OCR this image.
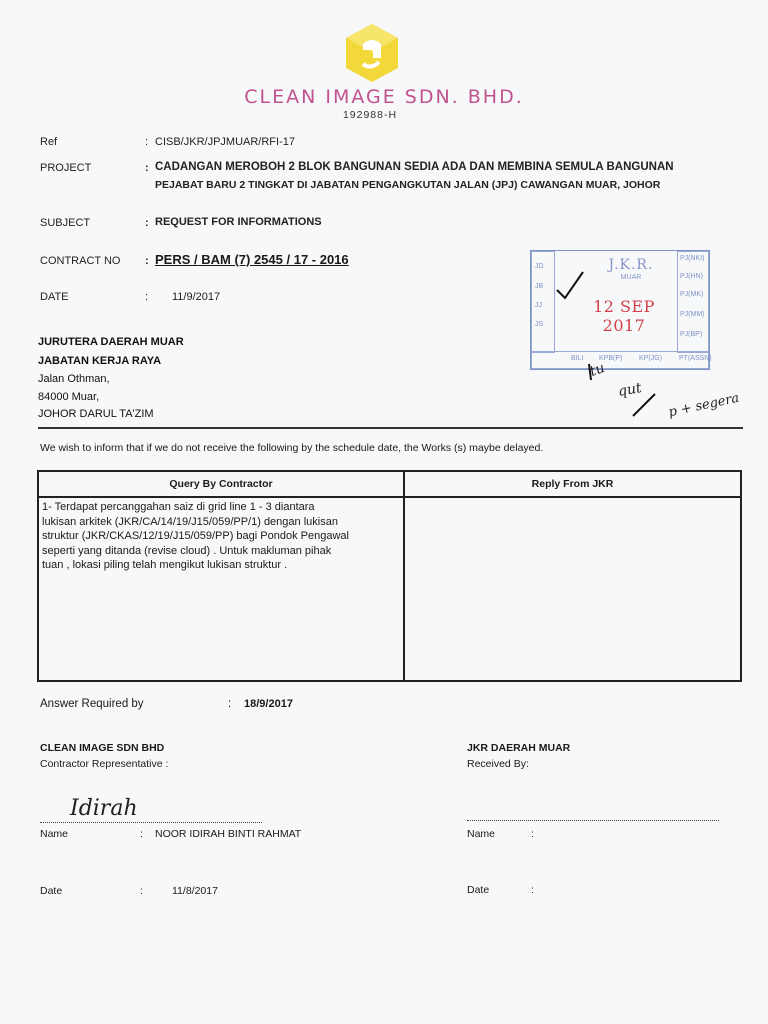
CLEAN IMAGE SDN. BHD.
192988-H
Ref	: CISB/JKR/JPJMUAR/RFI-17
PROJECT	: CADANGAN MEROBOH 2 BLOK BANGUNAN SEDIA ADA DAN MEMBINA SEMULA BANGUNAN
PEJABAT BARU 2 TINGKAT DI JABATAN PENGANGKUTAN JALAN (JPJ) CAWANGAN MUAR, JOHOR
SUBJECT	: REQUEST FOR INFORMATIONS
CONTRACT NO : PERS / BAM (7) 2545 / 17 - 2016
DATE	: 11/9/2017
JURUTERA DAERAH MUAR
JABATAN KERJA RAYA
Jalan Othman,
84000 Muar,
JOHOR DARUL TA'ZIM
JD
JB
JJ
JS
PJ(NKI)
PJ(HN)
PJ(MK)
PJ(MM)
PJ(BP)
PT(ASSN)
BILI KPB(P) KP(JG)
J.K.R.
MUAR
12 SEP 2017
tu
qut
p + segera
We wish to inform that if we do not receive the following by the schedule date, the Works (s) maybe delayed.
Query By Contractor	Reply From JKR

1- Terdapat percanggahan saiz di grid line 1 - 3 diantara
lukisan arkitek (JKR/CA/14/19/J15/059/PP/1) dengan lukisan
struktur (JKR/CKAS/12/19/J15/059/PP) bagi Pondok Pengawal
seperti yang ditanda (revise cloud) . Untuk makluman pihak
tuan , lokasi piling telah mengikut lukisan struktur .	

Answer Required by	: 18/9/2017
CLEAN IMAGE SDN BHD
Contractor Representative :
Idirah
Name	: NOOR IDIRAH BINTI RAHMAT
Date	:	11/8/2017
JKR DAERAH MUAR
Received By:
Name	:
Date	:
